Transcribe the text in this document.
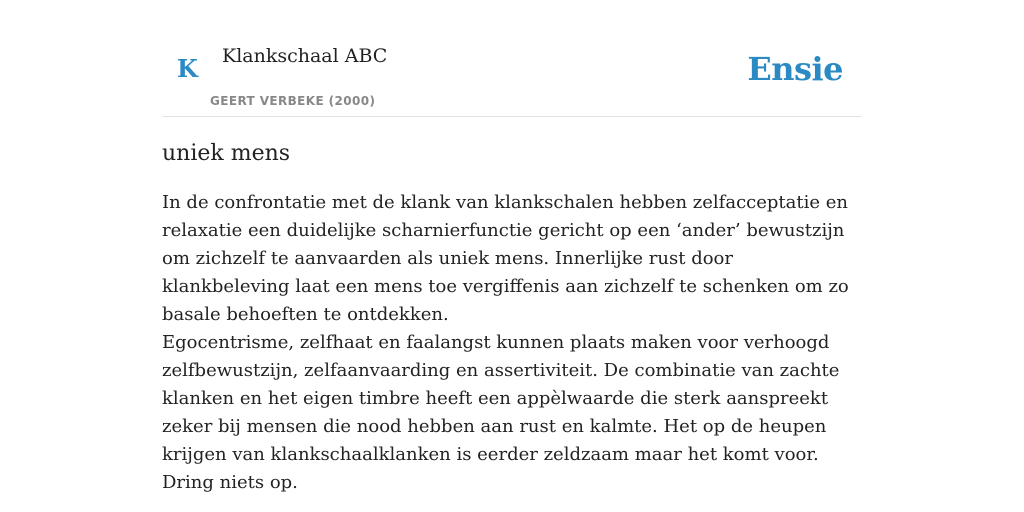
K Klankschaal ABC
GEERT VERBEKE (2000)
Ensie
uniek mens

In de confrontatie met de klank van klankschalen hebben zelfacceptatie en relaxatie een duidelijke scharnierfunctie gericht op een ‘ander’ bewustzijn om zichzelf te aanvaarden als uniek mens. Innerlijke rust door klankbeleving laat een mens toe vergiffenis aan zichzelf te schenken om zo basale behoeften te ontdekken.

Egocentrisme, zelfhaat en faalangst kunnen plaats maken voor verhoogd zelfbewustzijn, zelfaanvaarding en assertiviteit. De combinatie van zachte klanken en het eigen timbre heeft een appèlwaarde die sterk aanspreekt zeker bij mensen die nood hebben aan rust en kalmte. Het op de heupen krijgen van klankschaalklanken is eerder zeldzaam maar het komt voor. Dring niets op.
